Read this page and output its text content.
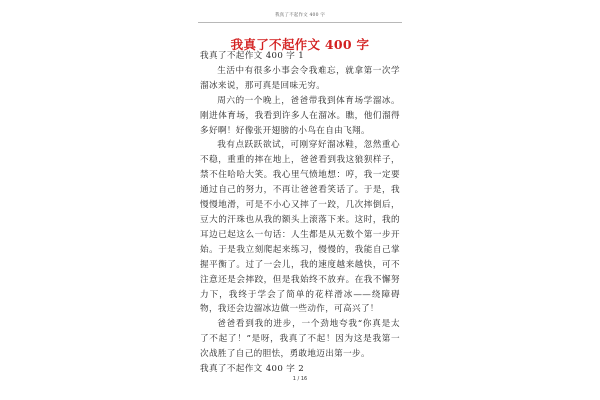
我真了不起作文 400 字
我真了不起作文 400 字

我真了不起作文 400 字 1

生活中有很多小事会令我难忘，就拿第一次学溜冰来说，那可真是回味无穷。

周六的一个晚上，爸爸带我到体育场学溜冰。刚进体育场，我看到许多人在溜冰。瞧，他们溜得多好啊！好像张开翅膀的小鸟在自由飞翔。

我有点跃跃欲试，可刚穿好溜冰鞋，忽然重心不稳，重重的摔在地上，爸爸看到我这狼狈样子，禁不住哈哈大笑。我心里气愤地想：哼，我一定要通过自己的努力，不再让爸爸看笑话了。于是，我慢慢地滑，可是不小心又摔了一跤，几次摔倒后，豆大的汗珠也从我的额头上滚落下来。这时，我的耳边已起这么一句话：人生都是从无数个第一步开始。于是我立刻爬起来练习，慢慢的，我能自己掌握平衡了。过了一会儿，我的速度越来越快，可不注意还是会摔跤，但是我始终不放弃。在我不懈努力下，我终于学会了简单的花样滑冰——绕障碍物，我还会边溜冰边做一些动作，可高兴了！

爸爸看到我的进步，一个劲地夸我“你真是太了不起了！”是呀，我真了不起！因为这是我第一次战胜了自己的胆怯，勇敢地迈出第一步。

我真了不起作文 400 字 2

1 / 16
